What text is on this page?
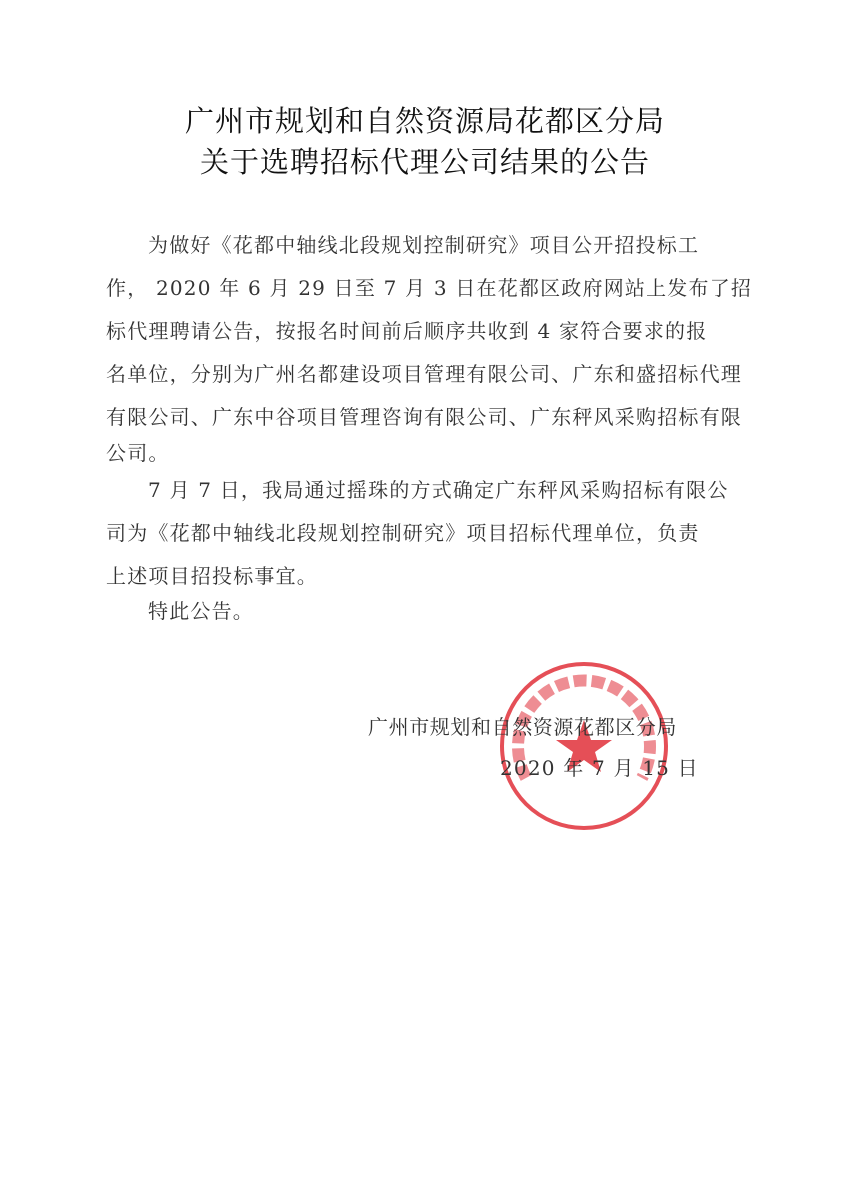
广州市规划和自然资源局花都区分局
关于选聘招标代理公司结果的公告
为做好《花都中轴线北段规划控制研究》项目公开招投标工
作， 2020 年 6 月 29 日至 7 月 3 日在花都区政府网站上发布了招
标代理聘请公告，按报名时间前后顺序共收到 4 家符合要求的报
名单位，分别为广州名都建设项目管理有限公司、广东和盛招标代理
有限公司、广东中谷项目管理咨询有限公司、广东秤风采购招标有限
公司。
7 月 7 日，我局通过摇珠的方式确定广东秤风采购招标有限公
司为《花都中轴线北段规划控制研究》项目招标代理单位，负责
上述项目招投标事宜。
特此公告。
广州市规划和自然资源花都区分局
2020 年 7 月 15 日
